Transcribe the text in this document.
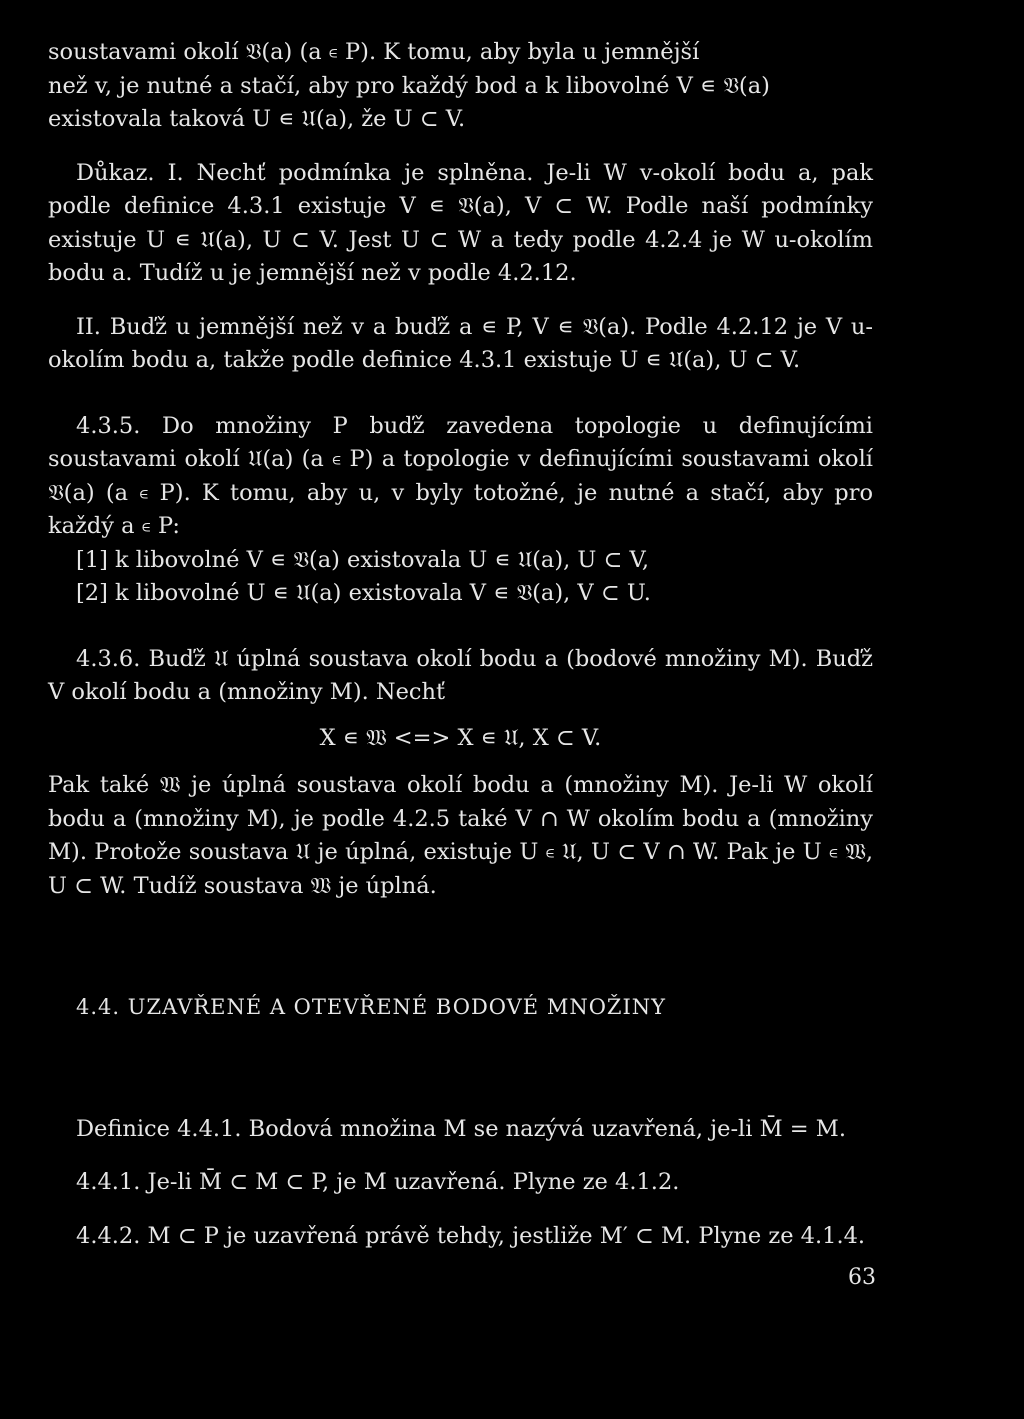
soustavami okolí 𝔙(a) (a ∊ P). K tomu, aby byla u jemnější

než v, je nutné a stačí, aby pro každý bod a k libovolné V ∊ 𝔙(a)

existovala taková U ∊ 𝔘(a), že U ⊂ V.

Důkaz. I. Nechť podmínka je splněna. Je-li W v-okolí bodu a, pak podle definice 4.3.1 existuje V ∊ 𝔙(a), V ⊂ W. Podle naší podmínky existuje U ∊ 𝔘(a), U ⊂ V. Jest U ⊂ W a tedy podle 4.2.4 je W u-okolím bodu a. Tudíž u je jemnější než v podle 4.2.12.

II. Buďž u jemnější než v a buďž a ∊ P, V ∊ 𝔙(a). Podle 4.2.12 je V u-okolím bodu a, takže podle definice 4.3.1 existuje U ∊ 𝔘(a), U ⊂ V.

4.3.5. Do množiny P buďž zavedena topologie u definujícími soustavami okolí 𝔘(a) (a ∊ P) a topologie v definujícími soustavami okolí 𝔙(a) (a ∊ P). K tomu, aby u, v byly totožné, je nutné a stačí, aby pro každý a ∊ P:

[1] k libovolné V ∊ 𝔙(a) existovala U ∊ 𝔘(a), U ⊂ V,

[2] k libovolné U ∊ 𝔘(a) existovala V ∊ 𝔙(a), V ⊂ U.

4.3.6. Buďž 𝔘 úplná soustava okolí bodu a (bodové množiny M). Buďž V okolí bodu a (množiny M). Nechť

X ∊ 𝔚 <=> X ∊ 𝔘, X ⊂ V.

Pak také 𝔚 je úplná soustava okolí bodu a (množiny M). Je-li W okolí bodu a (množiny M), je podle 4.2.5 také V ∩ W okolím bodu a (množiny M). Protože soustava 𝔘 je úplná, existuje U ∊ 𝔘, U ⊂ V ∩ W. Pak je U ∊ 𝔚, U ⊂ W. Tudíž soustava 𝔚 je úplná.

4.4. UZAVŘENÉ A OTEVŘENÉ BODOVÉ MNOŽINY

Definice 4.4.1. Bodová množina M se nazývá uzavřená, je-li M̄ = M.

4.4.1. Je-li M̄ ⊂ M ⊂ P, je M uzavřená. Plyne ze 4.1.2.

4.4.2. M ⊂ P je uzavřená právě tehdy, jestliže M′ ⊂ M. Plyne ze 4.1.4.

63
